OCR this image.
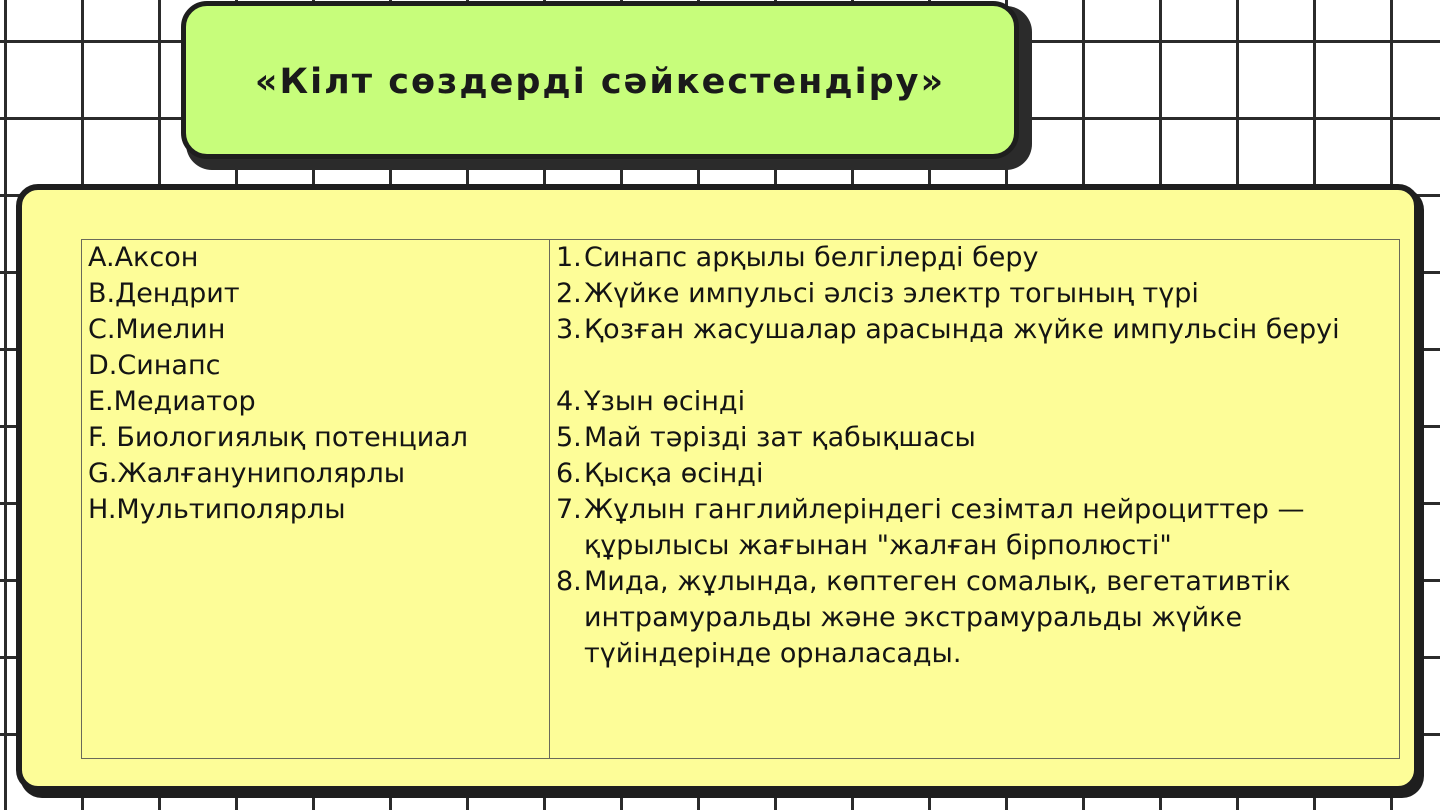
«Кілт сөздерді сәйкестендіру»
A.Аксон
B.Дендрит
C.Миелин
D.Синапс
E.Медиатор
F. Биологиялық потенциал
G.Жалғануниполярлы
H.Мультиполярлы

1. Синапс арқылы белгілерді беру
2. Жүйке импульсі әлсіз электр тогының түрі
3. Қозған жасушалар арасында жүйке импульсін беруі
4. Ұзын өсінді
5. Май тәрізді зат қабықшасы
6. Қысқа өсінді
7. Жұлын ганглийлеріндегі сезімтал нейроциттер — құрылысы жағынан "жалған бірполюсті"
8. Мида, жұлында, көптеген сомалық, вегетативтік интрамуральды және экстрамуральды жүйке түйіндерінде орналасады.
